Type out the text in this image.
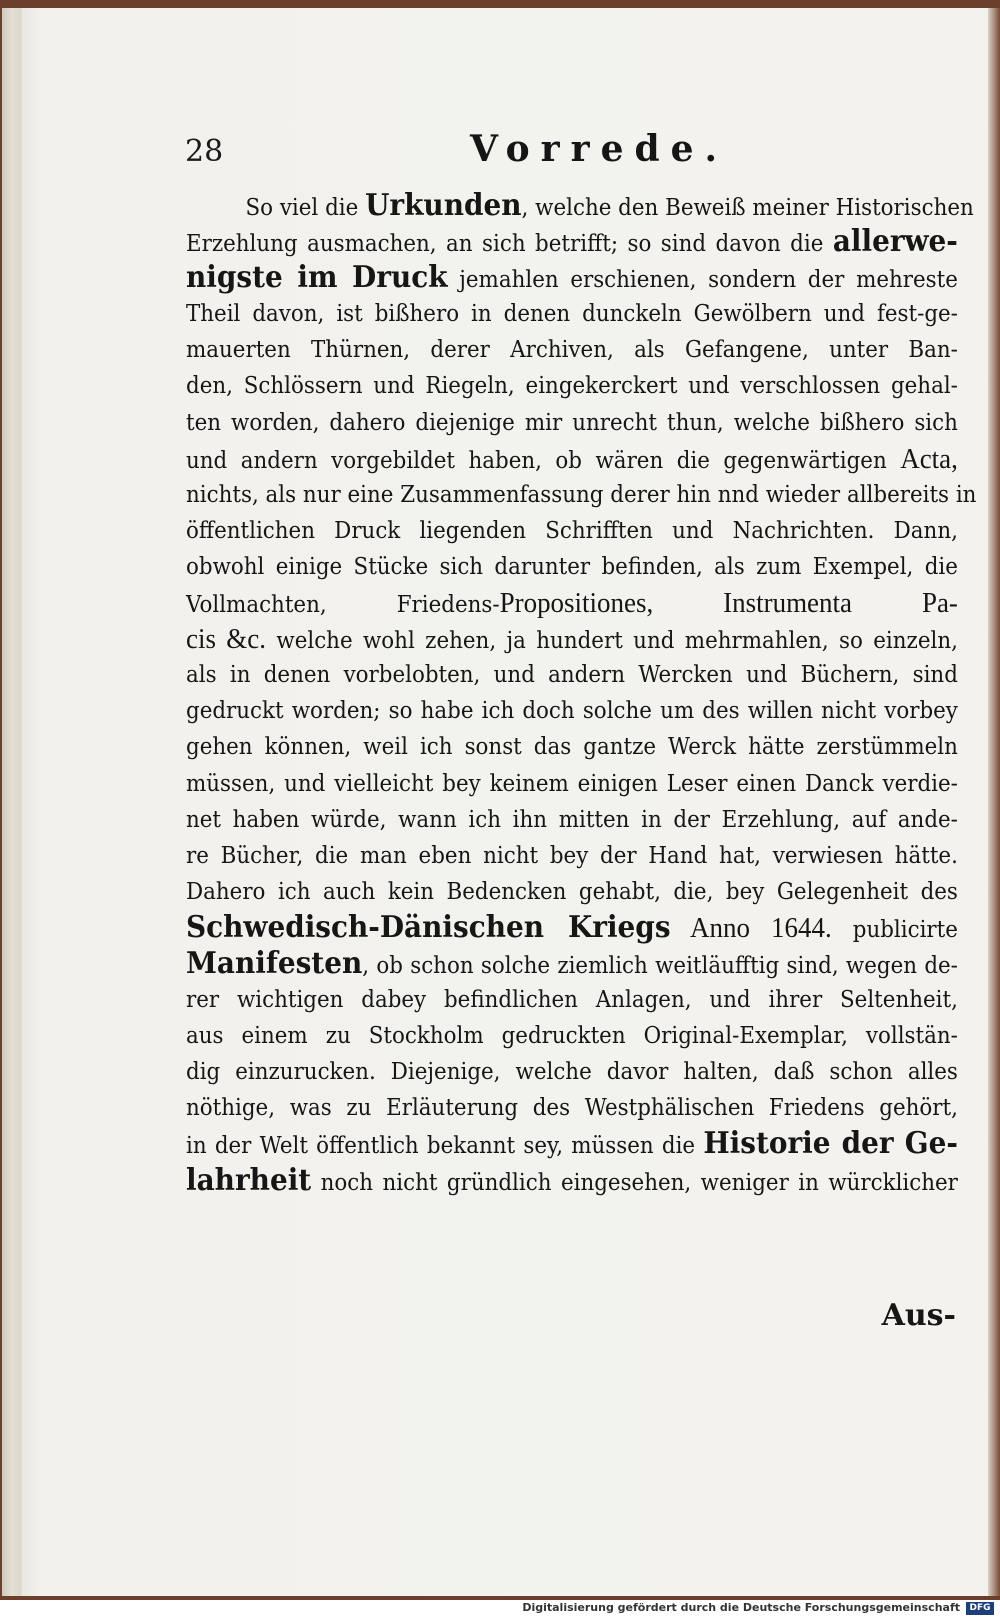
28	Vorrede.
So viel die Urkunden, welche den Beweiß meiner Historischen
Erzehlung ausmachen, an sich betrifft; so sind davon die allerwe-
nigste im Druck jemahlen erschienen, sondern der mehreste
Theil davon, ist bißhero in denen dunckeln Gewölbern und fest-ge-
mauerten Thürnen, derer Archiven, als Gefangene, unter Ban-
den, Schlössern und Riegeln, eingekerckert und verschlossen gehal-
ten worden, dahero diejenige mir unrecht thun, welche bißhero sich
und andern vorgebildet haben, ob wären die gegenwärtigen Acta,
nichts, als nur eine Zusammenfassung derer hin nnd wieder allbereits in
öffentlichen Druck liegenden Schrifften und Nachrichten. Dann,
obwohl einige Stücke sich darunter befinden, als zum Exempel, die
Vollmachten, Friedens-Propositiones, Instrumenta Pa-
cis &c. welche wohl zehen, ja hundert und mehrmahlen, so einzeln,
als in denen vorbelobten, und andern Wercken und Büchern, sind
gedruckt worden; so habe ich doch solche um des willen nicht vorbey
gehen können, weil ich sonst das gantze Werck hätte zerstümmeln
müssen, und vielleicht bey keinem einigen Leser einen Danck verdie-
net haben würde, wann ich ihn mitten in der Erzehlung, auf ande-
re Bücher, die man eben nicht bey der Hand hat, verwiesen hätte.
Dahero ich auch kein Bedencken gehabt, die, bey Gelegenheit des
Schwedisch-Dänischen Kriegs Anno 1644. publicirte
Manifesten, ob schon solche ziemlich weitläufftig sind, wegen de-
rer wichtigen dabey befindlichen Anlagen, und ihrer Seltenheit,
aus einem zu Stockholm gedruckten Original-Exemplar, vollstän-
dig einzurucken. Diejenige, welche davor halten, daß schon alles
nöthige, was zu Erläuterung des Westphälischen Friedens gehört,
in der Welt öffentlich bekannt sey, müssen die Historie der Ge-
lahrheit noch nicht gründlich eingesehen, weniger in würcklicher
Aus-
Digitalisierung gefördert durch die Deutsche Forschungsgemeinschaft	DFG
